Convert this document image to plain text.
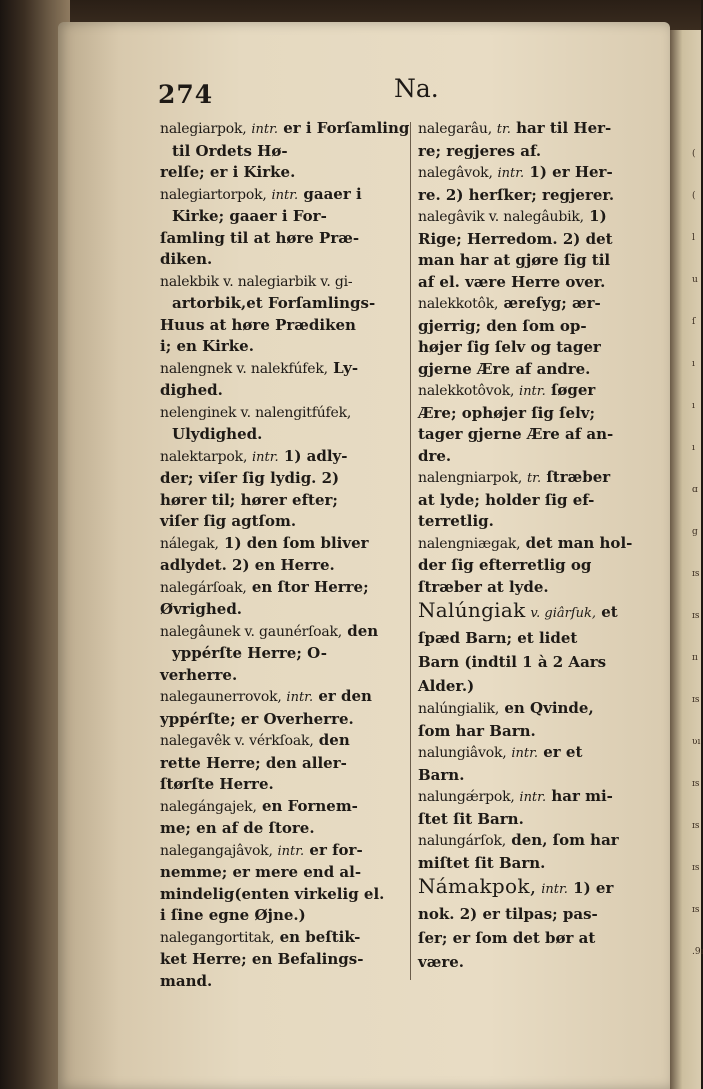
274	Na.

nalegiarpok, intr. er i Forſamling til Ordets Hø-
relſe; er i Kirke.

nalegiartorpok, intr. gaaer i Kirke; gaaer i For-
ſamling til at høre Præ-
diken.

nalekbik v. nalegiarbik v. gi- artorbik,et Forſamlings-
Huus at høre Prædiken
i; en Kirke.

nalengnek v. nalekfúfek, Ly-
dighed.

nelenginek v. nalengitfúfek, Ulydighed.

nalektarpok, intr. 1) adly-
der; viſer ſig lydig. 2)
hører til; hører efter;
viſer ſig agtſom.

nálegak, 1) den ſom bliver
adlydet. 2) en Herre.

nalegárſoak, en ſtor Herre;
Øvrighed.

nalegâunek v. gaunérſoak, den yppérſte Herre; O-
verherre.

nalegaunerrovok, intr. er den
yppérſte; er Overherre.

nalegavêk v. vérkſoak, den
rette Herre; den aller-
ſtørſte Herre.

nalegángajek, en Fornem-
me; en af de ſtore.

nalegangajâvok, intr. er for-
nemme; er mere end al-
mindelig(enten virkelig el.
i ſine egne Øjne.)

nalegangortitak, en beſtik-
ket Herre; en Befalings-
mand.

nalegarâu, tr. har til Her-
re; regjeres af.

nalegâvok, intr. 1) er Her-
re. 2) herſker; regjerer.

nalegâvik v. nalegâubik, 1)
Rige; Herredom. 2) det
man har at gjøre ſig til
af el. være Herre over.

nalekkotôk, æreſyg; ær-
gjerrig; den ſom op-
højer ſig ſelv og tager
gjerne Ære af andre.

nalekkotôvok, intr. ſøger
Ære; ophøjer ſig ſelv;
tager gjerne Ære af an-
dre.

nalengniarpok, tr. ſtræber
at lyde; holder ſig ef-
terretlig.

nalengniægak, det man hol-
der ſig efterretlig og
ſtræber at lyde.

Nalúngiak v. giârſuk, et
ſpæd Barn; et lidet
Barn (indtil 1 à 2 Aars
Alder.)

nalúngialik, en Qvinde,
ſom har Barn.

nalungiâvok, intr. er et
Barn.

nalungǽrpok, intr. har mi-
ſtet ſit Barn.

nalungárſok, den, ſom har
miſtet ſit Barn.

Námakpok, intr. 1) er
nok. 2) er tilpas; pas-
ſer; er ſom det bør at
være.

(
(
l
u
ſ
ı
ı
ı
ɑ
g
ɪs
ɪs
ɪı
ɪs
ʋı
ɪs
ɪs
ɪs
ɪs
.9ı
